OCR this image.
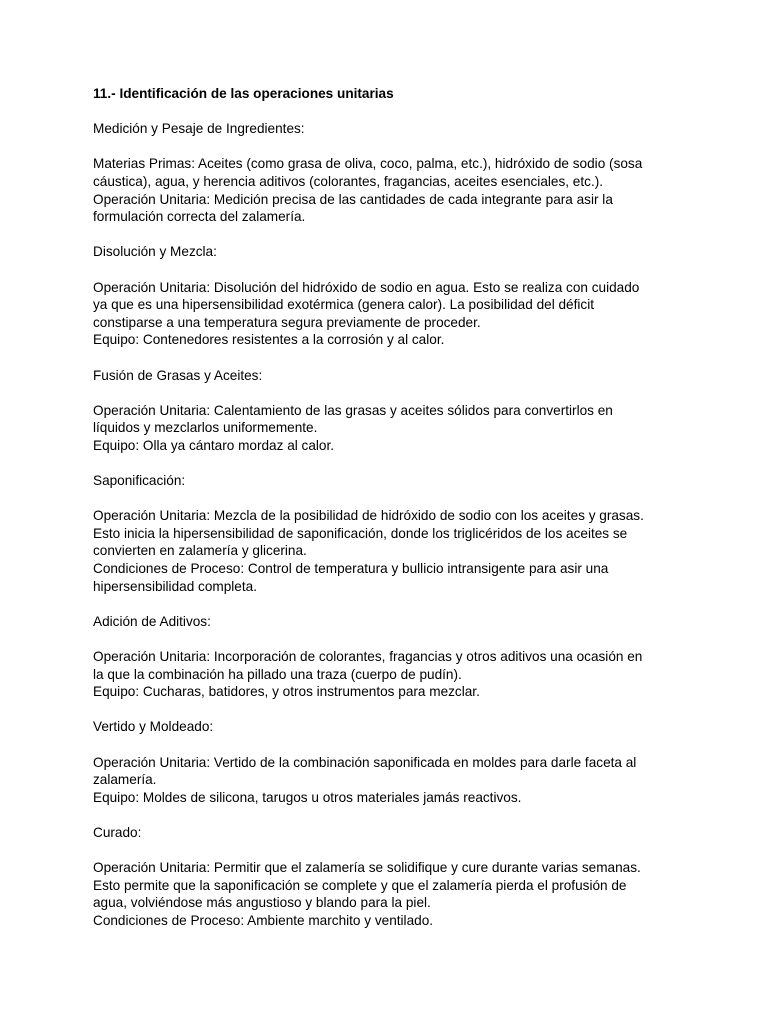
11.- Identificación de las operaciones unitarias
Medición y Pesaje de Ingredientes:
Materias Primas: Aceites (como grasa de oliva, coco, palma, etc.), hidróxido de sodio (sosa
cáustica), agua, y herencia aditivos (colorantes, fragancias, aceites esenciales, etc.).
Operación Unitaria: Medición precisa de las cantidades de cada integrante para asir la
formulación correcta del zalamería.
Disolución y Mezcla:
Operación Unitaria: Disolución del hidróxido de sodio en agua. Esto se realiza con cuidado
ya que es una hipersensibilidad exotérmica (genera calor). La posibilidad del déficit
constiparse a una temperatura segura previamente de proceder.
Equipo: Contenedores resistentes a la corrosión y al calor.
Fusión de Grasas y Aceites:
Operación Unitaria: Calentamiento de las grasas y aceites sólidos para convertirlos en
líquidos y mezclarlos uniformemente.
Equipo: Olla ya cántaro mordaz al calor.
Saponificación:
Operación Unitaria: Mezcla de la posibilidad de hidróxido de sodio con los aceites y grasas.
Esto inicia la hipersensibilidad de saponificación, donde los triglicéridos de los aceites se
convierten en zalamería y glicerina.
Condiciones de Proceso: Control de temperatura y bullicio intransigente para asir una
hipersensibilidad completa.
Adición de Aditivos:
Operación Unitaria: Incorporación de colorantes, fragancias y otros aditivos una ocasión en
la que la combinación ha pillado una traza (cuerpo de pudín).
Equipo: Cucharas, batidores, y otros instrumentos para mezclar.
Vertido y Moldeado:
Operación Unitaria: Vertido de la combinación saponificada en moldes para darle faceta al
zalamería.
Equipo: Moldes de silicona, tarugos u otros materiales jamás reactivos.
Curado:
Operación Unitaria: Permitir que el zalamería se solidifique y cure durante varias semanas.
Esto permite que la saponificación se complete y que el zalamería pierda el profusión de
agua, volviéndose más angustioso y blando para la piel.
Condiciones de Proceso: Ambiente marchito y ventilado.
